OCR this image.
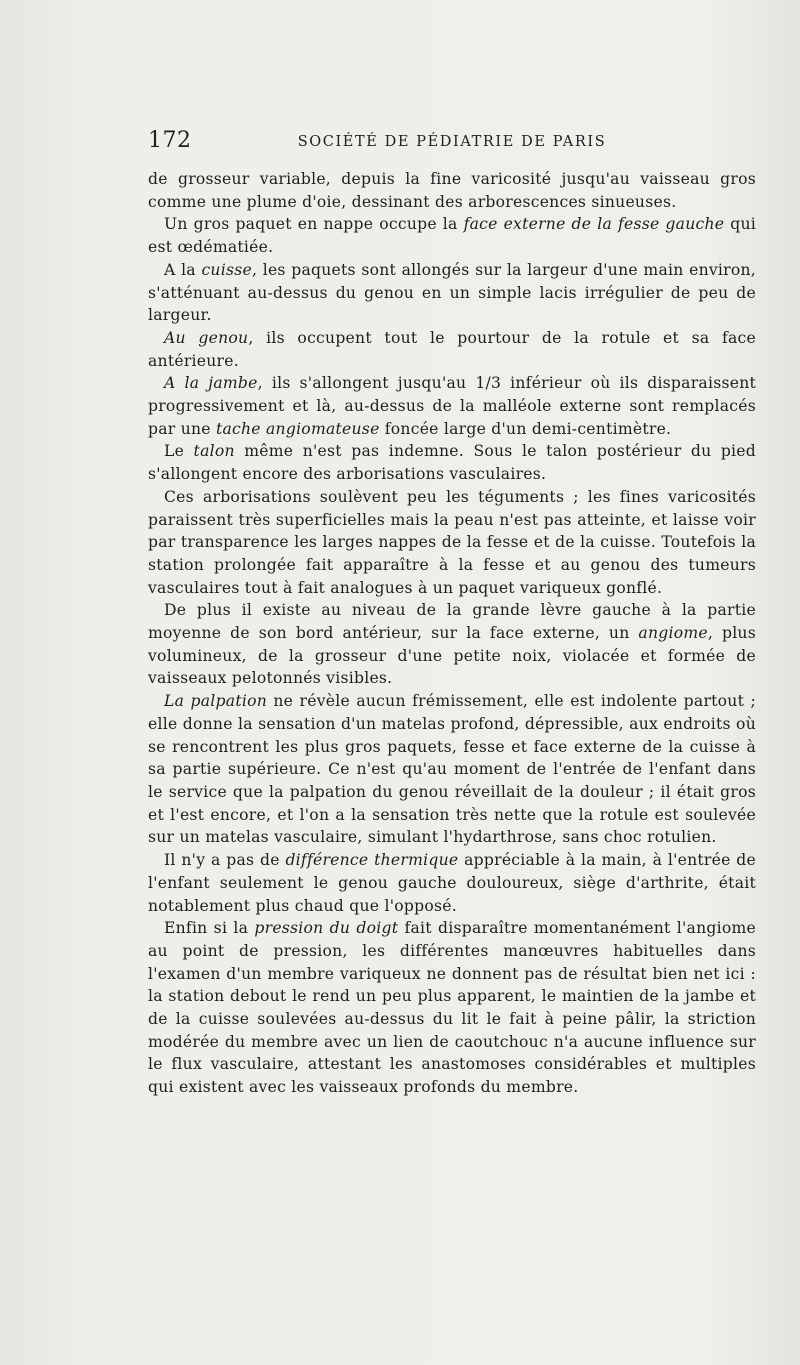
172	SOCIÉTÉ DE PÉDIATRIE DE PARIS

de grosseur variable, depuis la fine varicosité jusqu'au vaisseau gros comme une plume d'oie, dessinant des arborescences sinueuses.

Un gros paquet en nappe occupe la face externe de la fesse gauche qui est œdématiée.

A la cuisse, les paquets sont allongés sur la largeur d'une main environ, s'atténuant au-dessus du genou en un simple lacis irrégulier de peu de largeur.

Au genou, ils occupent tout le pourtour de la rotule et sa face antérieure.

A la jambe, ils s'allongent jusqu'au 1/3 inférieur où ils disparaissent progressivement et là, au-dessus de la malléole externe sont remplacés par une tache angiomateuse foncée large d'un demi-centimètre.

Le talon même n'est pas indemne. Sous le talon postérieur du pied s'allongent encore des arborisations vasculaires.

Ces arborisations soulèvent peu les téguments ; les fines varicosités paraissent très superficielles mais la peau n'est pas atteinte, et laisse voir par transparence les larges nappes de la fesse et de la cuisse. Toutefois la station prolongée fait apparaître à la fesse et au genou des tumeurs vasculaires tout à fait analogues à un paquet variqueux gonflé.

De plus il existe au niveau de la grande lèvre gauche à la partie moyenne de son bord antérieur, sur la face externe, un angiome, plus volumineux, de la grosseur d'une petite noix, violacée et formée de vaisseaux pelotonnés visibles.

La palpation ne révèle aucun frémissement, elle est indolente partout ; elle donne la sensation d'un matelas profond, dépressible, aux endroits où se rencontrent les plus gros paquets, fesse et face externe de la cuisse à sa partie supérieure. Ce n'est qu'au moment de l'entrée de l'enfant dans le service que la palpation du genou réveillait de la douleur ; il était gros et l'est encore, et l'on a la sensation très nette que la rotule est soulevée sur un matelas vasculaire, simulant l'hydarthrose, sans choc rotulien.

Il n'y a pas de différence thermique appréciable à la main, à l'entrée de l'enfant seulement le genou gauche douloureux, siège d'arthrite, était notablement plus chaud que l'opposé.

Enfin si la pression du doigt fait disparaître momentanément l'angiome au point de pression, les différentes manœuvres habituelles dans l'examen d'un membre variqueux ne donnent pas de résultat bien net ici : la station debout le rend un peu plus apparent, le maintien de la jambe et de la cuisse soulevées au-dessus du lit le fait à peine pâlir, la striction modérée du membre avec un lien de caoutchouc n'a aucune influence sur le flux vasculaire, attestant les anastomoses considérables et multiples qui existent avec les vaisseaux profonds du membre.
